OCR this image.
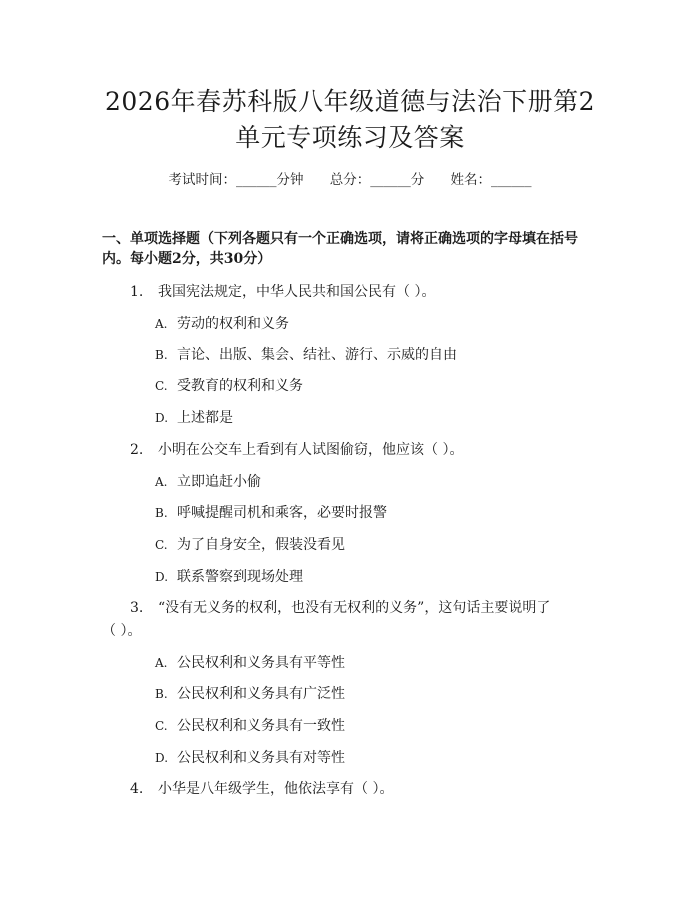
2026年春苏科版八年级道德与法治下册第2
单元专项练习及答案
考试时间：______分钟 总分：______分 姓名：______
一、单项选择题（下列各题只有一个正确选项，请将正确选项的字母填在括号
内。每小题2分，共30分）
1. 我国宪法规定，中华人民共和国公民有（ ）。
A. 劳动的权利和义务
B. 言论、出版、集会、结社、游行、示威的自由
C. 受教育的权利和义务
D. 上述都是
2. 小明在公交车上看到有人试图偷窃，他应该（ ）。
A. 立即追赶小偷
B. 呼喊提醒司机和乘客，必要时报警
C. 为了自身安全，假装没看见
D. 联系警察到现场处理
3. “没有无义务的权利，也没有无权利的义务”，这句话主要说明了
（ ）。
A. 公民权利和义务具有平等性
B. 公民权利和义务具有广泛性
C. 公民权利和义务具有一致性
D. 公民权利和义务具有对等性
4. 小华是八年级学生，他依法享有（ ）。
